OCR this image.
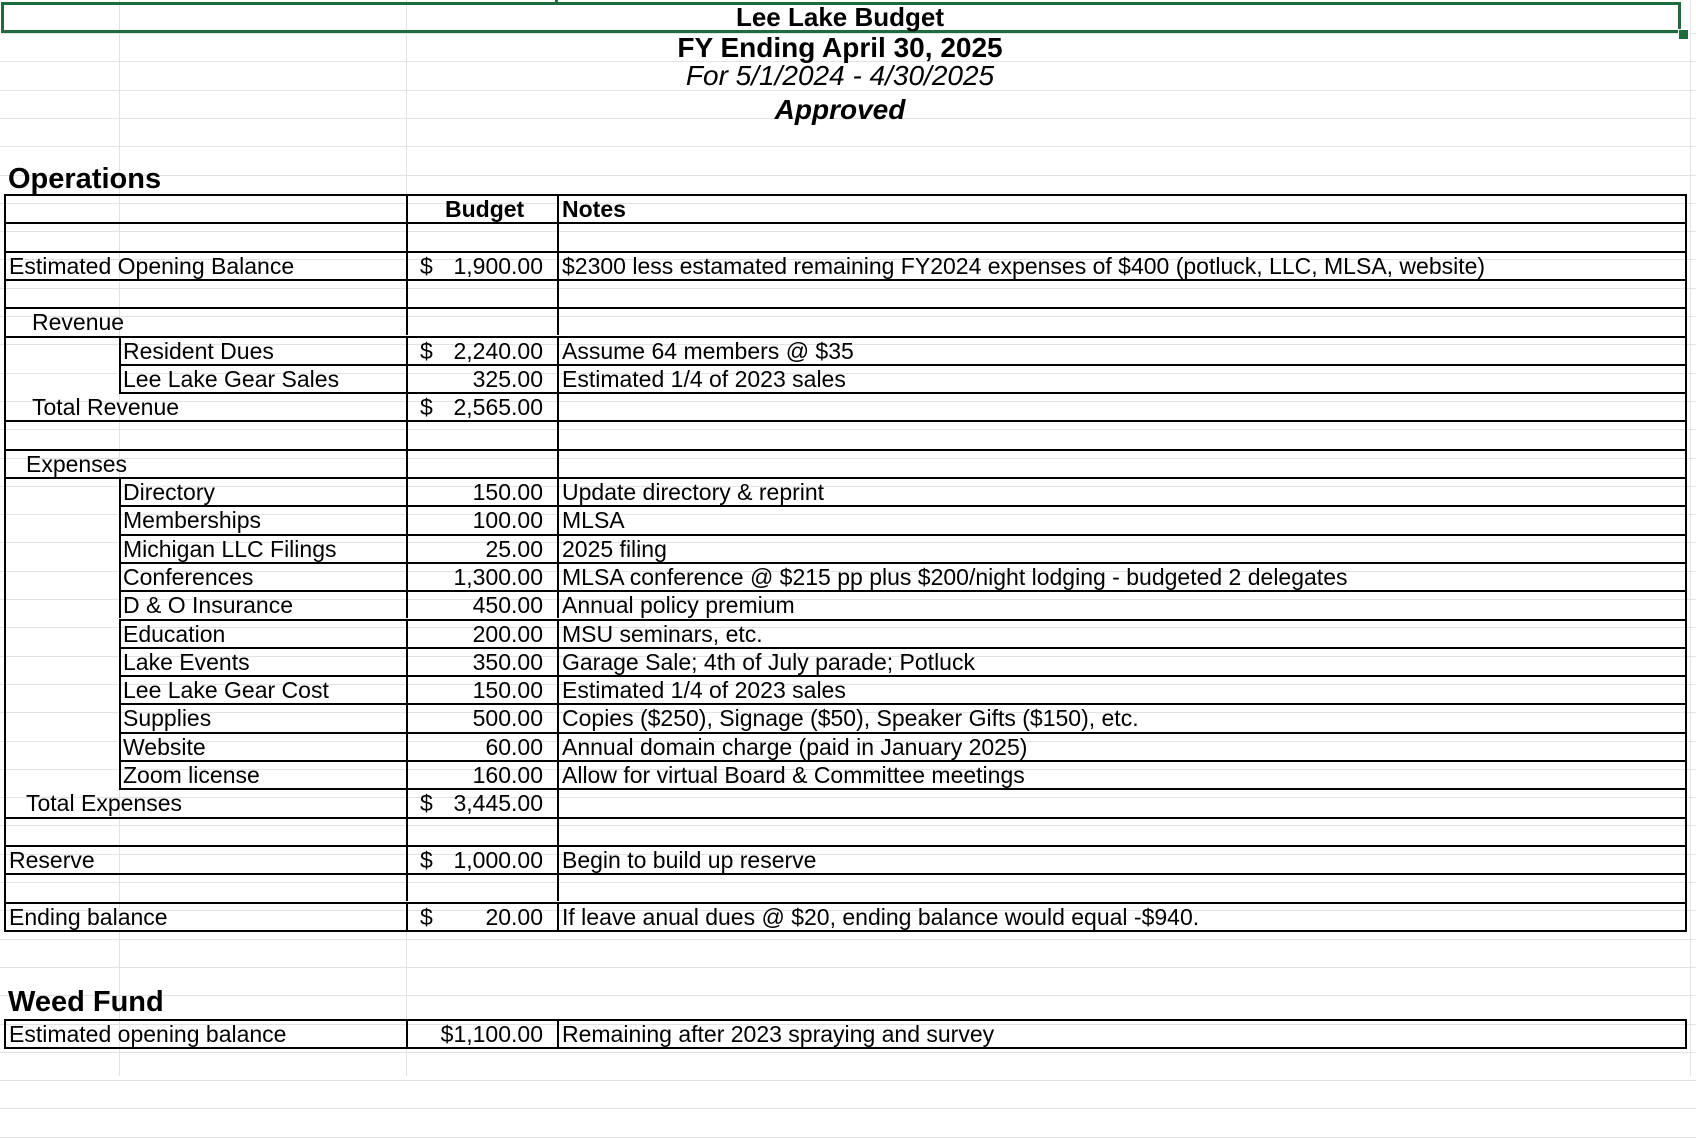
Lee Lake Budget
FY Ending April 30, 2025
For 5/1/2024 - 4/30/2025
Approved
Operations
Budget Notes
Estimated Opening Balance	$ 1,900.00 $2300 less estamated remaining FY2024 expenses of $400 (potluck, LLC, MLSA, website)
Revenue
Resident Dues	$ 2,240.00 Assume 64 members @ $35
Lee Lake Gear Sales	325.00 Estimated 1/4 of 2023 sales
Total Revenue	$ 2,565.00
Expenses
Directory	150.00 Update directory & reprint
Memberships	100.00 MLSA
Michigan LLC Filings	25.00 2025 filing
Conferences	1,300.00 MLSA conference @ $215 pp plus $200/night lodging - budgeted 2 delegates
D & O Insurance	450.00 Annual policy premium
Education	200.00 MSU seminars, etc.
Lake Events	350.00 Garage Sale; 4th of July parade; Potluck
Lee Lake Gear Cost	150.00 Estimated 1/4 of 2023 sales
Supplies	500.00 Copies ($250), Signage ($50), Speaker Gifts ($150), etc.
Website	60.00 Annual domain charge (paid in January 2025)
Zoom license	160.00 Allow for virtual Board & Committee meetings
Total Expenses	$ 3,445.00
Reserve	$ 1,000.00 Begin to build up reserve
Ending balance	$ 20.00 If leave anual dues @ $20, ending balance would equal -$940.
Weed Fund
Estimated opening balance	$1,100.00 Remaining after 2023 spraying and survey
